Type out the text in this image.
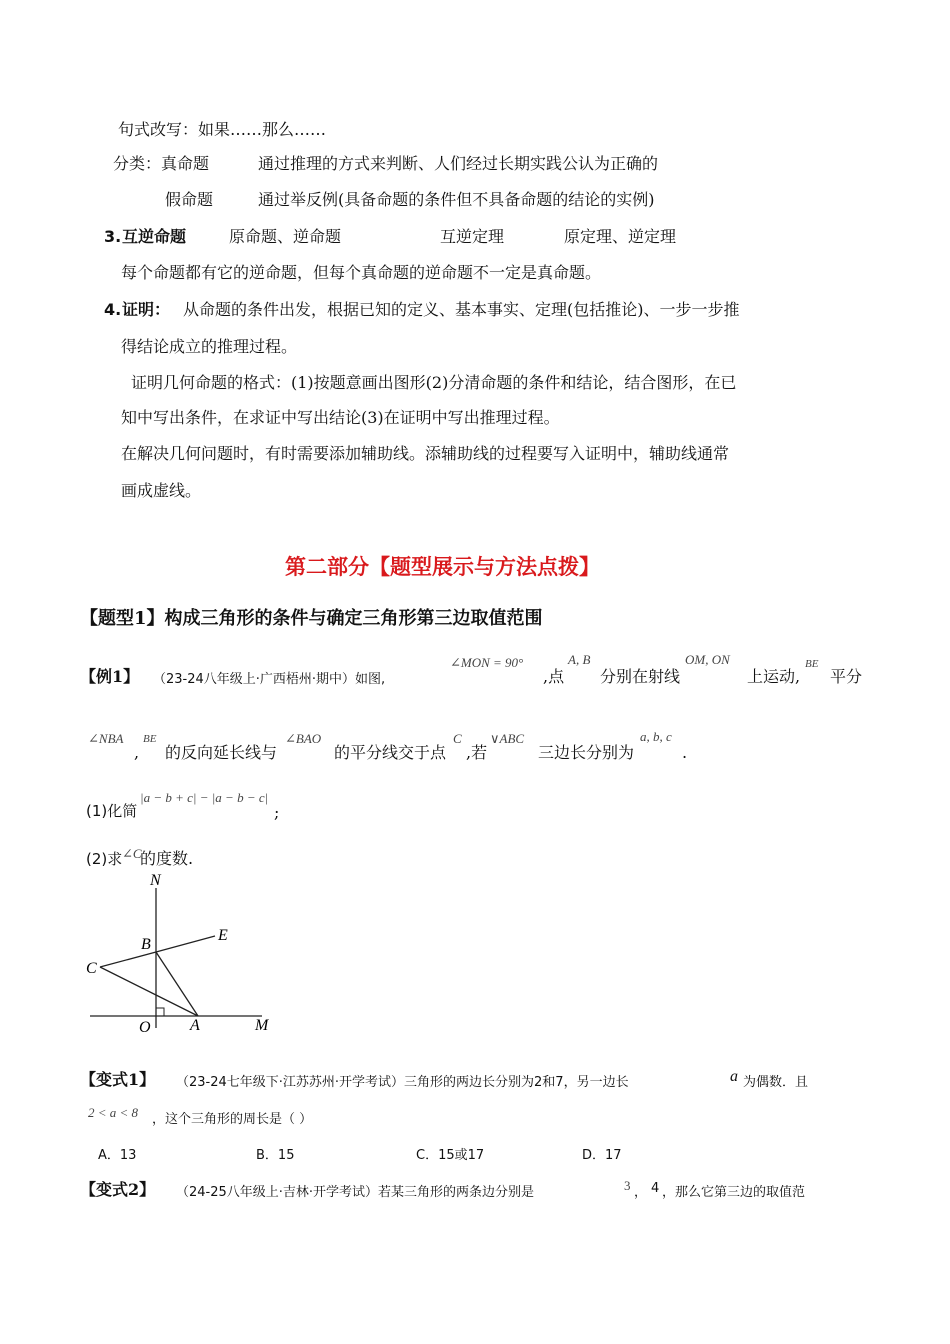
句式改写：如果……那么……
分类：真命题	通过推理的方式来判断、人们经过长期实践公认为正确的
假命题	通过举反例(具备命题的条件但不具备命题的结论的实例)
3. 互逆命题	原命题、逆命题	互逆定理	原定理、逆定理
每个命题都有它的逆命题，但每个真命题的逆命题不一定是真命题。
4. 证明： 从命题的条件出发，根据已知的定义、基本事实、定理(包括推论)、一步一步推
得结论成立的推理过程。
证明几何命题的格式：(1)按题意画出图形(2)分清命题的条件和结论，结合图形，在已
知中写出条件，在求证中写出结论(3)在证明中写出推理过程。
在解决几何问题时，有时需要添加辅助线。添辅助线的过程要写入证明中，辅助线通常
画成虚线。
第二部分【题型展示与方法点拨】
【题型1】构成三角形的条件与确定三角形第三边取值范围
【例1】 （23-24八年级上·广西梧州·期中）如图,
∠MON = 90°
,点
A, B
分别在射线
OM, ON
上运动,
BE
平分
∠NBA
,
BE
的反向延长线与
∠BAO
的平分线交于点
C
,若
∨ABC
三边长分别为
a, b, c
.
(1)化简
|a − b + c| − |a − b − c|
;
(2)求 ∠C
的度数.
N
B
E
C
O A	M
【变式1】 （23-24七年级下·江苏苏州·开学考试）三角形的两边长分别为2和7，另一边长	a 为偶数．且
2 < a < 8 ，这个三角形的周长是（ ）
A．13	B．15	C．15或17	D．17
【变式2】 （24-25八年级上·吉林·开学考试）若某三角形的两条边分别是	3 ， 4 ，那么它第三边的取值范
